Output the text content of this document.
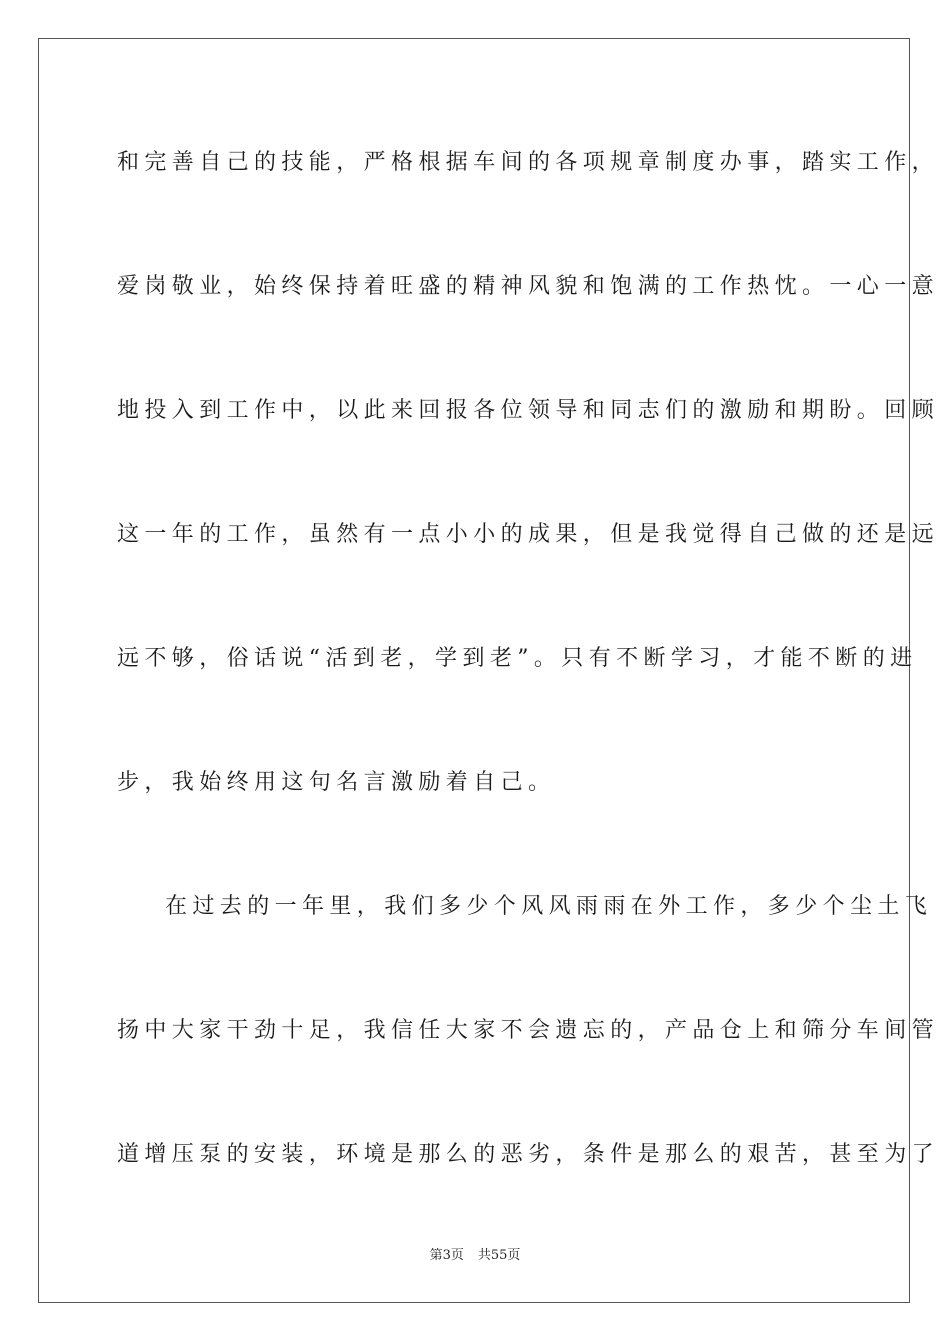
和完善自己的技能，严格根据车间的各项规章制度办事，踏实工作，
爱岗敬业，始终保持着旺盛的精神风貌和饱满的工作热忱。一心一意
地投入到工作中，以此来回报各位领导和同志们的激励和期盼。回顾
这一年的工作，虽然有一点小小的成果，但是我觉得自己做的还是远
远不够，俗话说“活到老，学到老”。只有不断学习，才能不断的进
步，我始终用这句名言激励着自己。
在过去的一年里，我们多少个风风雨雨在外工作，多少个尘土飞
扬中大家干劲十足，我信任大家不会遗忘的，产品仓上和筛分车间管
道增压泵的安装，环境是那么的恶劣，条件是那么的艰苦，甚至为了
第3页 共55页
